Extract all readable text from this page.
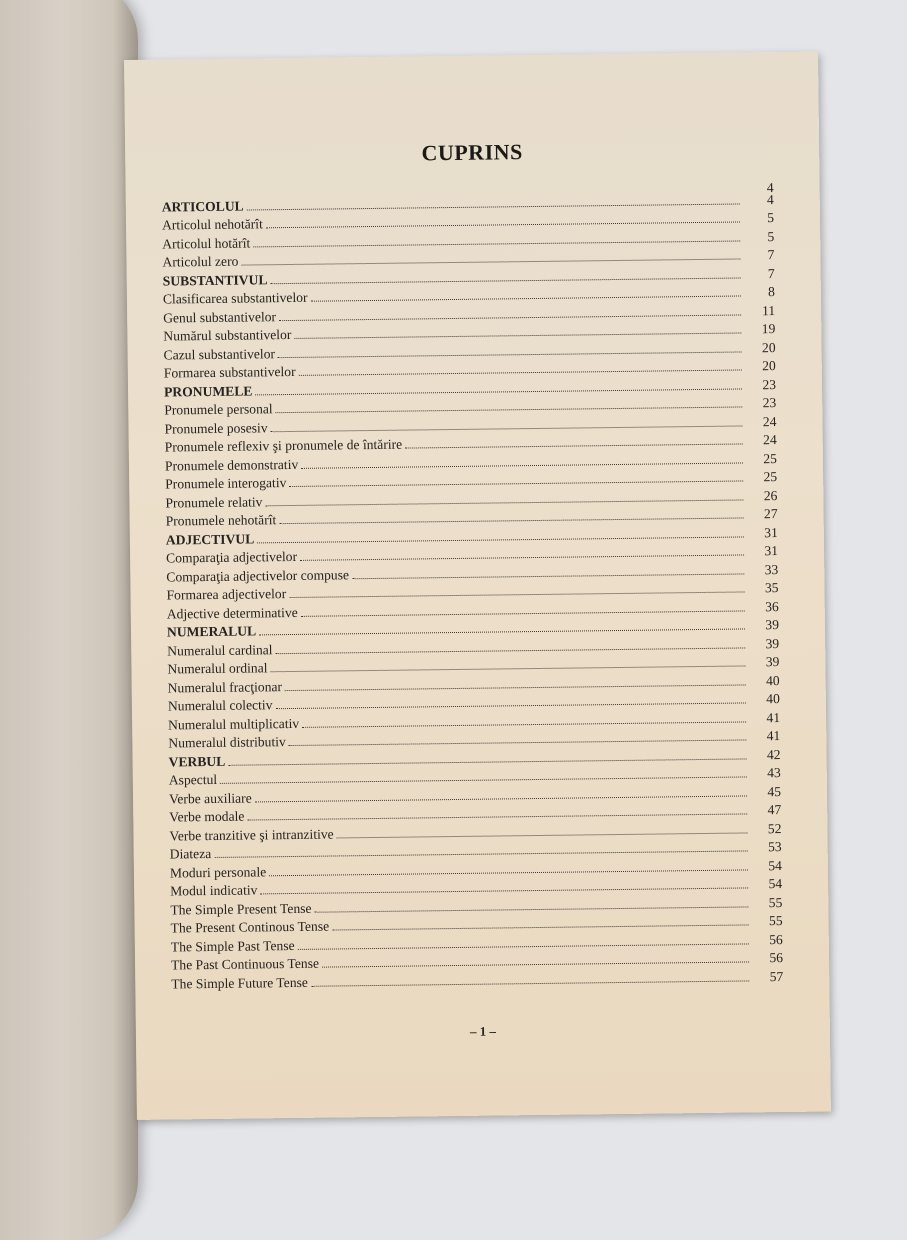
CUPRINS
4
ARTICOLUL	4
Articolul nehotărît	5
Articolul hotărît	5
Articolul zero	7
SUBSTANTIVUL	7
Clasificarea substantivelor	8
Genul substantivelor	11
Numărul substantivelor	19
Cazul substantivelor	20
Formarea substantivelor	20
PRONUMELE	23
Pronumele personal	23
Pronumele posesiv	24
Pronumele reflexiv şi pronumele de întărire	24
Pronumele demonstrativ	25
Pronumele interogativ	25
Pronumele relativ	26
Pronumele nehotărît	27
ADJECTIVUL	31
Comparaţia adjectivelor	31
Comparaţia adjectivelor compuse	33
Formarea adjectivelor	35
Adjective determinative	36
NUMERALUL	39
Numeralul cardinal	39
Numeralul ordinal	39
Numeralul fracţionar	40
Numeralul colectiv	40
Numeralul multiplicativ	41
Numeralul distributiv	41
VERBUL	42
Aspectul	43
Verbe auxiliare	45
Verbe modale	47
Verbe tranzitive şi intranzitive	52
Diateza	53
Moduri personale	54
Modul indicativ	54
The Simple Present Tense	55
The Present Continous Tense	55
The Simple Past Tense	56
The Past Continuous Tense	56
The Simple Future Tense	57
– 1 –
